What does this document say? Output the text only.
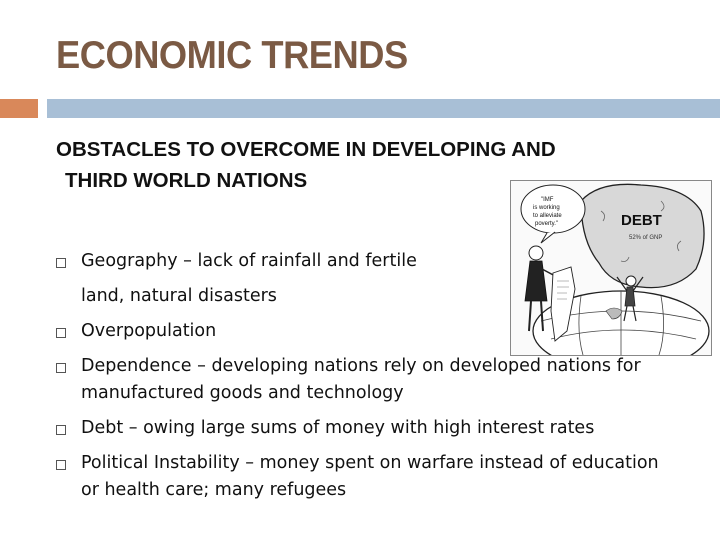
ECONOMIC TRENDS
OBSTACLES TO OVERCOME IN DEVELOPING AND
THIRD WORLD NATIONS
Geography – lack of rainfall and fertile
land, natural disasters
Overpopulation
Dependence – developing nations rely on developed nations for manufactured goods and technology
Debt – owing large sums of money with high interest rates
Political Instability – money spent on warfare instead of education or health care; many refugees
DEBT
52% of GNP
"IMF
is working
to alleviate
poverty."
